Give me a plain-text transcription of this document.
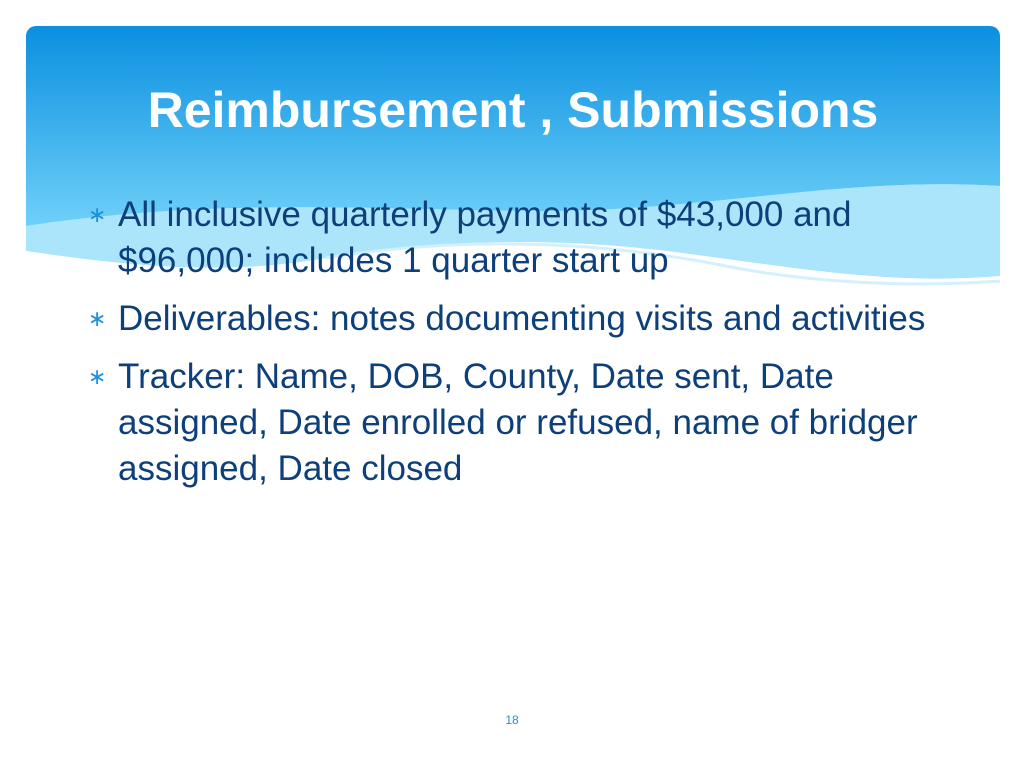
Reimbursement , Submissions
∗ All inclusive quarterly payments of $43,000 and $96,000; includes 1 quarter start up
∗ Deliverables: notes documenting visits and activities
∗ Tracker: Name, DOB, County, Date sent, Date assigned, Date enrolled or refused, name of bridger assigned, Date closed
18
